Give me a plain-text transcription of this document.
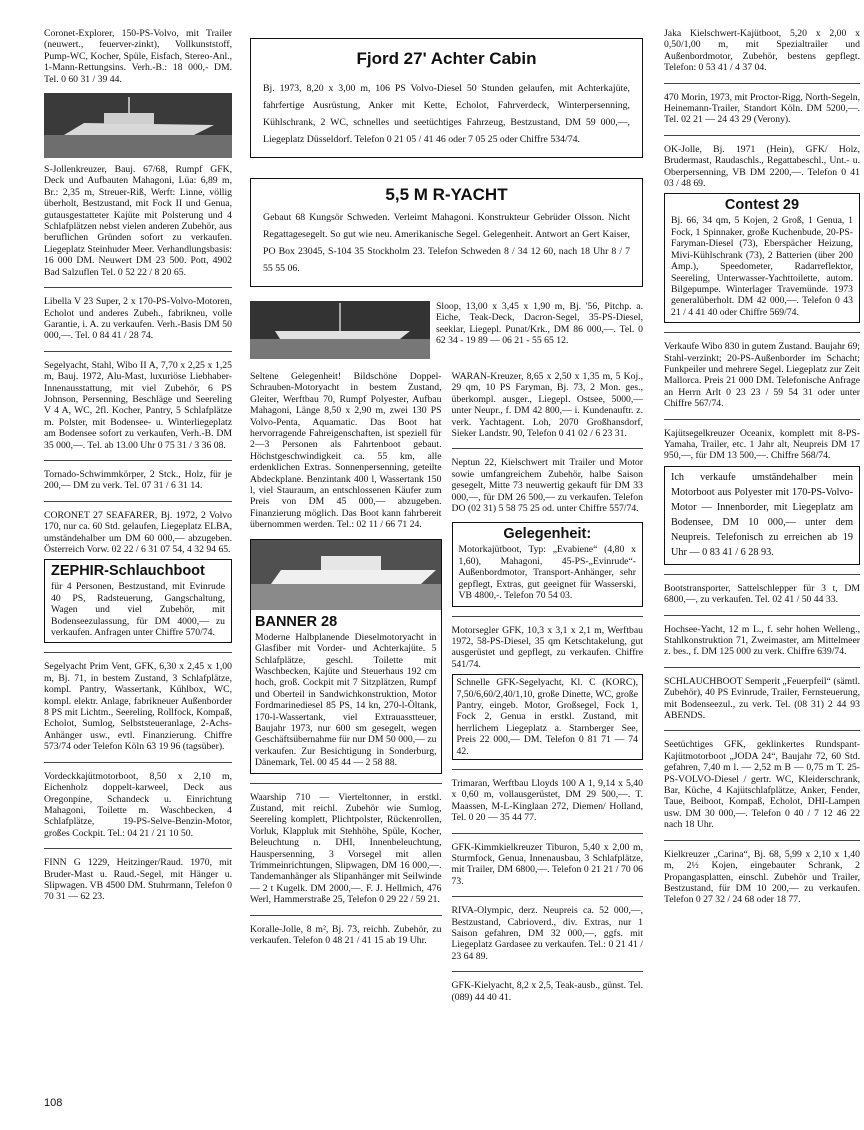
Coronet-Explorer, 150-PS-Volvo, mit Trailer (neuwert., feuerver-zinkt), Vollkunststoff, Pump-WC, Kocher, Spüle, Eisfach, Stereo-Anl., 1-Mann-Rettungsins. Verh.-B.: 18 000,- DM. Tel. 0 60 31 / 39 44.

S-Jollenkreuzer, Bauj. 67/68, Rumpf GFK, Deck und Aufbauten Mahagoni, Lüa: 6,89 m, Br.: 2,35 m, Streuer-Riß, Werft: Linne, völlig überholt, Bestzustand, mit Fock II und Genua, gutausgestatteter Kajüte mit Polsterung und 4 Schlafplätzen nebst vielen anderen Zubehör, aus beruflichen Gründen sofort zu verkaufen. Liegeplatz Steinhuder Meer. Verhandlungsbasis: 16 000 DM. Neuwert DM 23 500. Pott, 4902 Bad Salzuflen Tel. 0 52 22 / 8 20 65.

Libella V 23 Super, 2 x 170-PS-Volvo-Motoren, Echolot und anderes Zubeh., fabrikneu, volle Garantie, i. A. zu verkaufen. Verh.-Basis DM 50 000,—. Tel. 0 84 41 / 28 74.

Segelyacht, Stahl, Wibo II A, 7,70 x 2,25 x 1,25 m, Bauj. 1972, Alu-Mast, luxuriöse Liebhaber-Innenausstattung, mit viel Zubehör, 6 PS Johnson, Persenning, Beschläge und Seereling V 4 A, WC, 2fl. Kocher, Pantry, 5 Schlafplätze m. Polster, mit Bodensee- u. Winterliegeplatz am Bodensee sofort zu verkaufen, Verh.-B. DM 35 000,—. Tel. ab 13.00 Uhr 0 75 31 / 3 36 08.

Tornado-Schwimmkörper, 2 Stck., Holz, für je 200,— DM zu verk. Tel. 07 31 / 6 31 14.

CORONET 27 SEAFARER, Bj. 1972, 2 Volvo 170, nur ca. 60 Std. gelaufen, Liegeplatz ELBA, umständehalber um DM 60 000,— abzugeben. Österreich Vorw. 02 22 / 6 31 07 54, 4 32 94 65.

ZEPHIR-Schlauchboot

für 4 Personen, Bestzustand, mit Evinrude 40 PS, Radsteuerung, Gangschaltung, Wagen und viel Zubehör, mit Bodenseezulassung, für DM 4000,— zu verkaufen. Anfragen unter Chiffre 570/74.

Segelyacht Prim Vent, GFK, 6,30 x 2,45 x 1,00 m, Bj. 71, in bestem Zustand, 3 Schlafplätze, kompl. Pantry, Wassertank, Kühlbox, WC, kompl. elektr. Anlage, fabrikneuer Außenborder 8 PS mit Lichtm., Seereling, Rollfock, Kompaß, Echolot, Sumlog, Selbststeueranlage, 2-Achs-Anhänger usw., evtl. Finanzierung. Chiffre 573/74 oder Telefon Köln 63 19 96 (tagsüber).

Vordeckkajütmotorboot, 8,50 x 2,10 m, Eichenholz doppelt-karweel, Deck aus Oregonpine, Schandeck u. Einrichtung Mahagoni, Toilette m. Waschbecken, 4 Schlafplätze, 19-PS-Selve-Benzin-Motor, großes Cockpit. Tel.: 04 21 / 21 10 50.

FINN G 1229, Heitzinger/Raud. 1970, mit Bruder-Mast u. Raud.-Segel, mit Hänger u. Slipwagen. VB 4500 DM. Stuhrmann, Telefon 0 70 31 — 62 23.

Fjord 27' Achter Cabin

Bj. 1973, 8,20 x 3,00 m, 106 PS Volvo-Diesel 50 Stunden gelaufen, mit Achterkajüte, fahrfertige Ausrüstung, Anker mit Kette, Echolot, Fahrverdeck, Winterpersenning, Kühlschrank, 2 WC, schnelles und seetüchtiges Fahrzeug, Bestzustand, DM 59 000,—, Liegeplatz Düsseldorf. Telefon 0 21 05 / 41 46 oder 7 05 25 oder Chiffre 534/74.

5,5 M R-YACHT

Gebaut 68 Kungsör Schweden. Verleimt Mahagoni. Konstrukteur Gebrüder Olsson. Nicht Regattagesegelt. So gut wie neu. Amerikanische Segel. Gelegenheit. Antwort an Gert Kaiser, PO Box 23045, S-104 35 Stockholm 23. Telefon Schweden 8 / 34 12 60, nach 18 Uhr 8 / 7 55 55 06.

Sloop, 13,00 x 3,45 x 1,90 m, Bj. '56, Pitchp. a. Eiche, Teak-Deck, Dacron-Segel, 35-PS-Diesel, seeklar, Liegepl. Punat/Krk., DM 86 000,—. Tel. 0 62 34 - 19 89 — 06 21 - 55 65 12.

Seltene Gelegenheit! Bildschöne Doppel-Schrauben-Motoryacht in bestem Zustand, Gleiter, Werftbau 70, Rumpf Polyester, Aufbau Mahagoni, Länge 8,50 x 2,90 m, zwei 130 PS Volvo-Penta, Aquamatic. Das Boot hat hervorragende Fahreigenschaften, ist speziell für 2—3 Personen als Fahrtenboot gebaut. Höchstgeschwindigkeit ca. 55 km, alle erdenklichen Extras. Sonnenpersenning, geteilte Abdeckplane. Benzintank 400 l, Wassertank 150 l, viel Stauraum, an entschlossenen Käufer zum Preis von DM 45 000,— abzugeben. Finanzierung möglich. Das Boot kann fahrbereit übernommen werden. Tel.: 02 11 / 66 71 24.

BANNER 28

Moderne Halbplanende Dieselmotoryacht in Glasfiber mit Vorder- und Achterkajüte. 5 Schlafplätze, geschl. Toilette mit Waschbecken, Kajüte und Steuerhaus 192 cm hoch, groß. Cockpit mit 7 Sitzplätzen, Rumpf und Oberteil in Sandwichkonstruktion, Motor Fordmarinediesel 85 PS, 14 kn, 270-l-Öltank, 170-l-Wassertank, viel Extrauasstteuer, Baujahr 1973, nur 600 sm gesegelt, wegen Geschäftsübernahme für nur DM 50 000,— zu verkaufen. Zur Besichtigung in Sonderburg, Dänemark, Tel. 00 45 44 — 2 58 88.

Waarship 710 — Vierteltonner, in erstkl. Zustand, mit reichl. Zubehör wie Sumlog, Seereling komplett, Plichtpolster, Rückenrollen, Vorluk, Klappluk mit Stehhöhe, Spüle, Kocher, Beleuchtung n. DHI, Innenbeleuchtung, Hauspersenning, 3 Vorsegel mit allen Trimmeinrichtungen, Slipwagen, DM 16 000,—. Tandemanhänger als Slipanhänger mit Seilwinde — 2 t Kugelk. DM 2000,—. F. J. Hellmich, 476 Werl, Hammerstraße 25, Telefon 0 29 22 / 59 21.

Koralle-Jolle, 8 m², Bj. 73, reichh. Zubehör, zu verkaufen. Telefon 0 48 21 / 41 15 ab 19 Uhr.

WARAN-Kreuzer, 8,65 x 2,50 x 1,35 m, 5 Koj., 29 qm, 10 PS Faryman, Bj. 73, 2 Mon. ges., überkompl. ausger., Liegepl. Ostsee, 5000,— unter Neupr., f. DM 42 800,— i. Kundenauftr. z. verk. Yachtagent. Loh, 2070 Großhansdorf, Sieker Landstr. 90, Telefon 0 41 02 / 6 23 31.

Neptun 22, Kielschwert mit Trailer und Motor sowie umfangreichem Zubehör, halbe Saison gesegelt, Mitte 73 neuwertig gekauft für DM 33 000,—, für DM 26 500,— zu verkaufen. Telefon DO (02 31) 5 58 75 25 od. unter Chiffre 557/74.

Gelegenheit:

Motorkajütboot, Typ: „Evabiene“ (4,80 x 1,60), Mahagoni, 45-PS-„Evinrude“-Außenbordmotor, Transport-Anhänger, sehr gepflegt, Extras, gut geeignet für Wasserski, VB 4800,-. Telefon 70 54 03.

Motorsegler GFK, 10,3 x 3,1 x 2,1 m, Werftbau 1972, 58-PS-Diesel, 35 qm Ketschtakelung, gut ausgerüstet und gepflegt, zu verkaufen. Chiffre 541/74.

Schnelle GFK-Segelyacht, Kl. C (KORC), 7,50/6,60/2,40/1,10, große Dinette, WC, große Pantry, eingeb. Motor, Großsegel, Fock 1, Fock 2, Genua in erstkl. Zustand, mit herrlichem Liegeplatz a. Starnberger See, Preis 22 000,— DM. Telefon 0 81 71 — 74 42.

Trimaran, Werftbau Lloyds 100 A 1, 9,14 x 5,40 x 0,60 m, vollausgerüstet, DM 29 500,—. T. Maassen, M-L-Kinglaan 272, Diemen/ Holland, Tel. 0 20 — 35 44 77.

GFK-Kimmkielkreuzer Tiburon, 5,40 x 2,00 m, Sturmfock, Genua, Innenausbau, 3 Schlafplätze, mit Trailer, DM 6800,—. Telefon 0 21 21 / 70 06 73.

RIVA-Olympic, derz. Neupreis ca. 52 000,—, Bestzustand, Cabrioverd., div. Extras, nur 1 Saison gefahren, DM 32 000,—, ggfs. mit Liegeplatz Gardasee zu verkaufen. Tel.: 0 21 41 / 23 64 89.

GFK-Kielyacht, 8,2 x 2,5, Teak-ausb., günst. Tel. (089) 44 40 41.

Jaka Kielschwert-Kajütboot, 5,20 x 2,00 x 0,50/1,00 m, mit Spezialtrailer und Außenbordmotor, Zubehör, bestens gepflegt. Telefon: 0 53 41 / 4 37 04.

470 Morin, 1973, mit Proctor-Rigg, North-Segeln, Heinemann-Trailer, Standort Köln. DM 5200,—. Tel. 02 21 — 24 43 29 (Verony).

OK-Jolle, Bj. 1971 (Hein), GFK/ Holz, Brudermast, Raudaschls., Regattabeschl., Unt.- u. Oberpersenning, VB DM 2200,—. Telefon 0 41 03 / 48 69.

Contest 29

Bj. 66, 34 qm, 5 Kojen, 2 Groß, 1 Genua, 1 Fock, 1 Spinnaker, große Kuchenbude, 20-PS-Faryman-Diesel (73), Eberspächer Heizung, Mivi-Kühlschrank (73), 2 Batterien (über 200 Amp.), Speedometer, Radarreflektor, Seereling, Unterwasser-Yachttoilette, autom. Bilgepumpe. Winterlager Travemünde. 1973 generalüberholt. DM 42 000,—. Telefon 0 43 21 / 4 41 40 oder Chiffre 569/74.

Verkaufe Wibo 830 in gutem Zustand. Baujahr 69; Stahl-verzinkt; 20-PS-Außenborder im Schacht; Funkpeiler und mehrere Segel. Liegeplatz zur Zeit Mallorca. Preis 21 000 DM. Telefonische Anfrage an Herrn Arlt 0 23 23 / 59 54 31 oder unter Chiffre 567/74.

Kajütsegelkreuzer Oceanix, komplett mit 8-PS-Yamaha, Trailer, etc. 1 Jahr alt, Neupreis DM 17 950,—, für DM 13 500,—. Chiffre 568/74.

Ich verkaufe umständehalber mein Motorboot aus Polyester mit 170-PS-Volvo-Motor — Innenborder, mit Liegeplatz am Bodensee, DM 10 000,— unter dem Neupreis. Telefonisch zu erreichen ab 19 Uhr — 0 83 41 / 6 28 93.

Bootstransporter, Sattelschlepper für 3 t, DM 6800,—, zu verkaufen. Tel. 02 41 / 50 44 33.

Hochsee-Yacht, 12 m L., f. sehr hohen Welleng., Stahlkonstruktion 71, Zweimaster, am Mittelmeer z. bes., f. DM 125 000 zu verk. Chiffre 639/74.

SCHLAUCHBOOT Semperit „Feuerpfeil“ (sämtl. Zubehör), 40 PS Evinrude, Trailer, Fernsteuerung, mit Bodenseezul., zu verk. Tel. (08 31) 2 44 93 ABENDS.

Seetüchtiges GFK, geklinkertes Rundspant-Kajütmotorboot „JODA 24“, Baujahr 72, 60 Std. gefahren, 7,40 m l. — 2,52 m B — 0,75 m T. 25-PS-VOLVO-Diesel / gertr. WC, Kleiderschrank, Bar, Küche, 4 Kajütschlafplätze, Anker, Fender, Taue, Beiboot, Kompaß, Echolot, DHI-Lampen usw. DM 30 000,—. Telefon 0 40 / 7 12 46 22 nach 18 Uhr.

Kielkreuzer „Carina“, Bj. 68, 5,99 x 2,10 x 1,40 m, 2½ Kojen, eingebauter Schrank, 2 Propangasplatten, einschl. Zubehör und Trailer, Bestzustand, für DM 10 200,— zu verkaufen. Telefon 0 27 32 / 24 68 oder 18 77.

108
